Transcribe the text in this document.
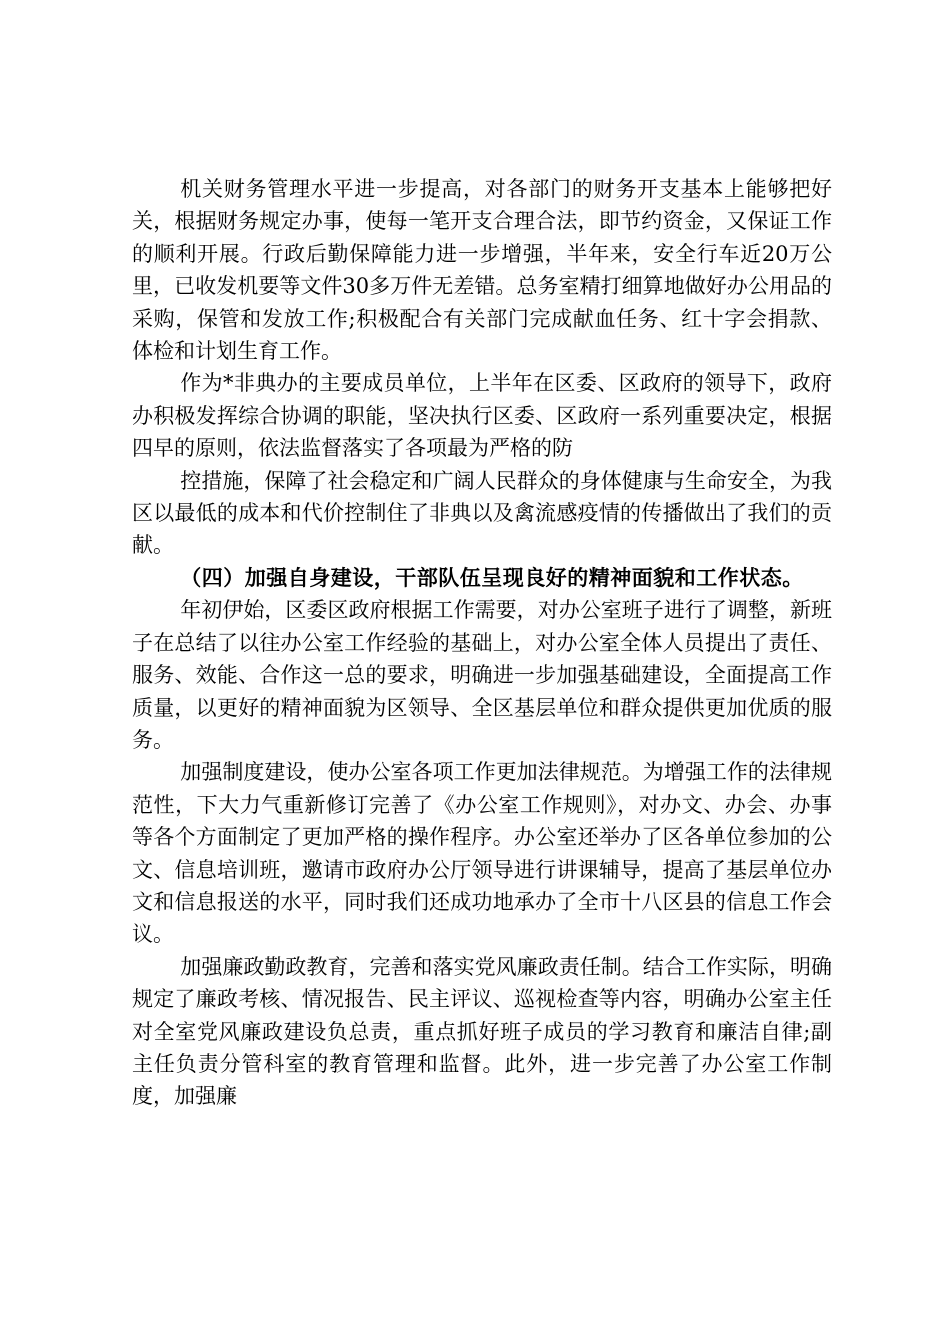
机关财务管理水平进一步提高，对各部门的财务开支基本上能够把好关，根据财务规定办事，使每一笔开支合理合法，即节约资金，又保证工作的顺利开展。行政后勤保障能力进一步增强，半年来，安全行车近20万公里，已收发机要等文件30多万件无差错。总务室精打细算地做好办公用品的采购，保管和发放工作;积极配合有关部门完成献血任务、红十字会捐款、体检和计划生育工作。

作为*非典办的主要成员单位，上半年在区委、区政府的领导下，政府办积极发挥综合协调的职能，坚决执行区委、区政府一系列重要决定，根据四早的原则，依法监督落实了各项最为严格的防

控措施，保障了社会稳定和广阔人民群众的身体健康与生命安全，为我区以最低的成本和代价控制住了非典以及禽流感疫情的传播做出了我们的贡献。

（四）加强自身建设，干部队伍呈现良好的精神面貌和工作状态。

年初伊始，区委区政府根据工作需要，对办公室班子进行了调整，新班子在总结了以往办公室工作经验的基础上，对办公室全体人员提出了责任、服务、效能、合作这一总的要求，明确进一步加强基础建设，全面提高工作质量，以更好的精神面貌为区领导、全区基层单位和群众提供更加优质的服务。

加强制度建设，使办公室各项工作更加法律规范。为增强工作的法律规范性，下大力气重新修订完善了《办公室工作规则》，对办文、办会、办事等各个方面制定了更加严格的操作程序。办公室还举办了区各单位参加的公文、信息培训班，邀请市政府办公厅领导进行讲课辅导，提高了基层单位办文和信息报送的水平，同时我们还成功地承办了全市十八区县的信息工作会议。

加强廉政勤政教育，完善和落实党风廉政责任制。结合工作实际，明确规定了廉政考核、情况报告、民主评议、巡视检查等内容，明确办公室主任对全室党风廉政建设负总责，重点抓好班子成员的学习教育和廉洁自律;副主任负责分管科室的教育管理和监督。此外，进一步完善了办公室工作制度，加强廉
